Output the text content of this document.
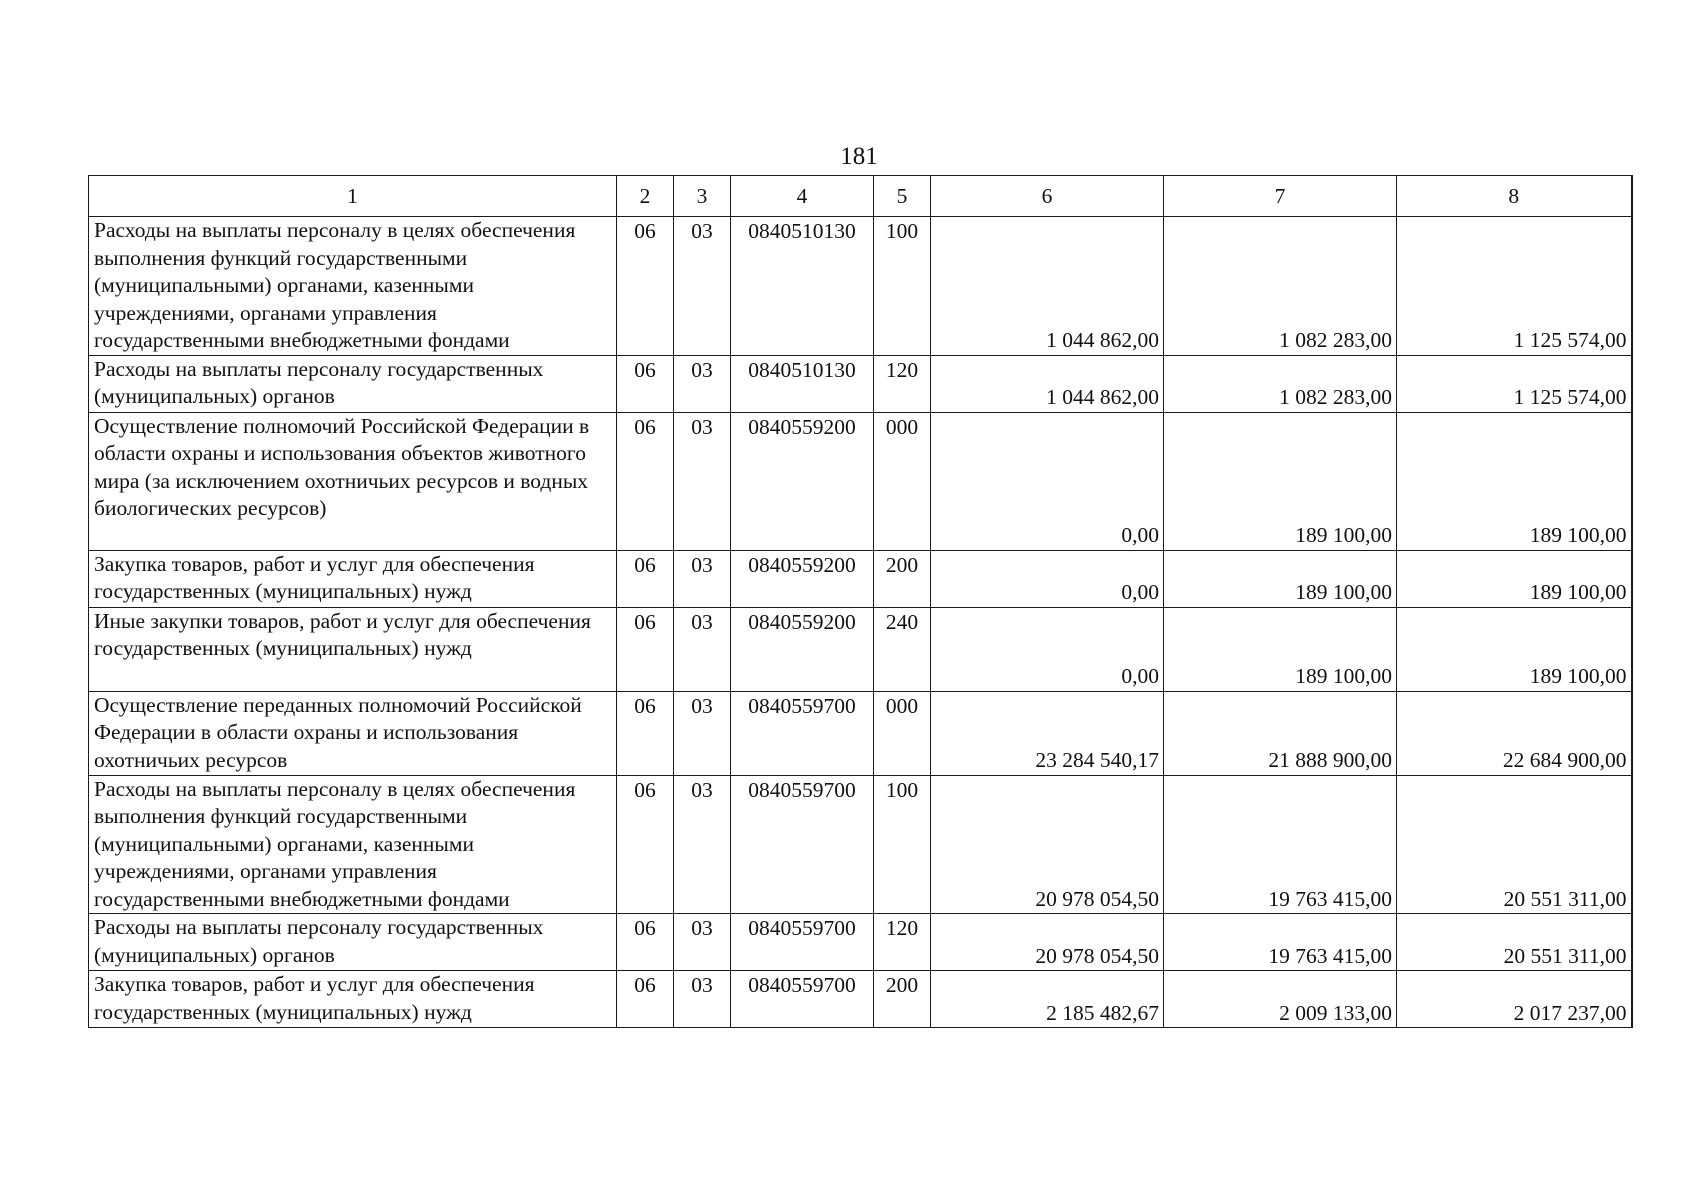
181
1	2	3	4	5	6	7	8
Расходы на выплаты персоналу в целях обеспечения выполнения функций государственными (муниципальными) органами, казенными учреждениями, органами управления государственными внебюджетными фондами	06	03	0840510130	100	1 044 862,00	1 082 283,00	1 125 574,00
Расходы на выплаты персоналу государственных (муниципальных) органов	06	03	0840510130	120	1 044 862,00	1 082 283,00	1 125 574,00
Осуществление полномочий Российской Федерации в области охраны и использования объектов животного мира (за исключением охотничьих ресурсов и водных биологических ресурсов)	06	03	0840559200	000	0,00	189 100,00	189 100,00
Закупка товаров, работ и услуг для обеспечения государственных (муниципальных) нужд	06	03	0840559200	200	0,00	189 100,00	189 100,00
Иные закупки товаров, работ и услуг для обеспечения государственных (муниципальных) нужд	06	03	0840559200	240	0,00	189 100,00	189 100,00
Осуществление переданных полномочий Российской Федерации в области охраны и использования охотничьих ресурсов	06	03	0840559700	000	23 284 540,17	21 888 900,00	22 684 900,00
Расходы на выплаты персоналу в целях обеспечения выполнения функций государственными (муниципальными) органами, казенными учреждениями, органами управления государственными внебюджетными фондами	06	03	0840559700	100	20 978 054,50	19 763 415,00	20 551 311,00
Расходы на выплаты персоналу государственных (муниципальных) органов	06	03	0840559700	120	20 978 054,50	19 763 415,00	20 551 311,00
Закупка товаров, работ и услуг для обеспечения государственных (муниципальных) нужд	06	03	0840559700	200	2 185 482,67	2 009 133,00	2 017 237,00
